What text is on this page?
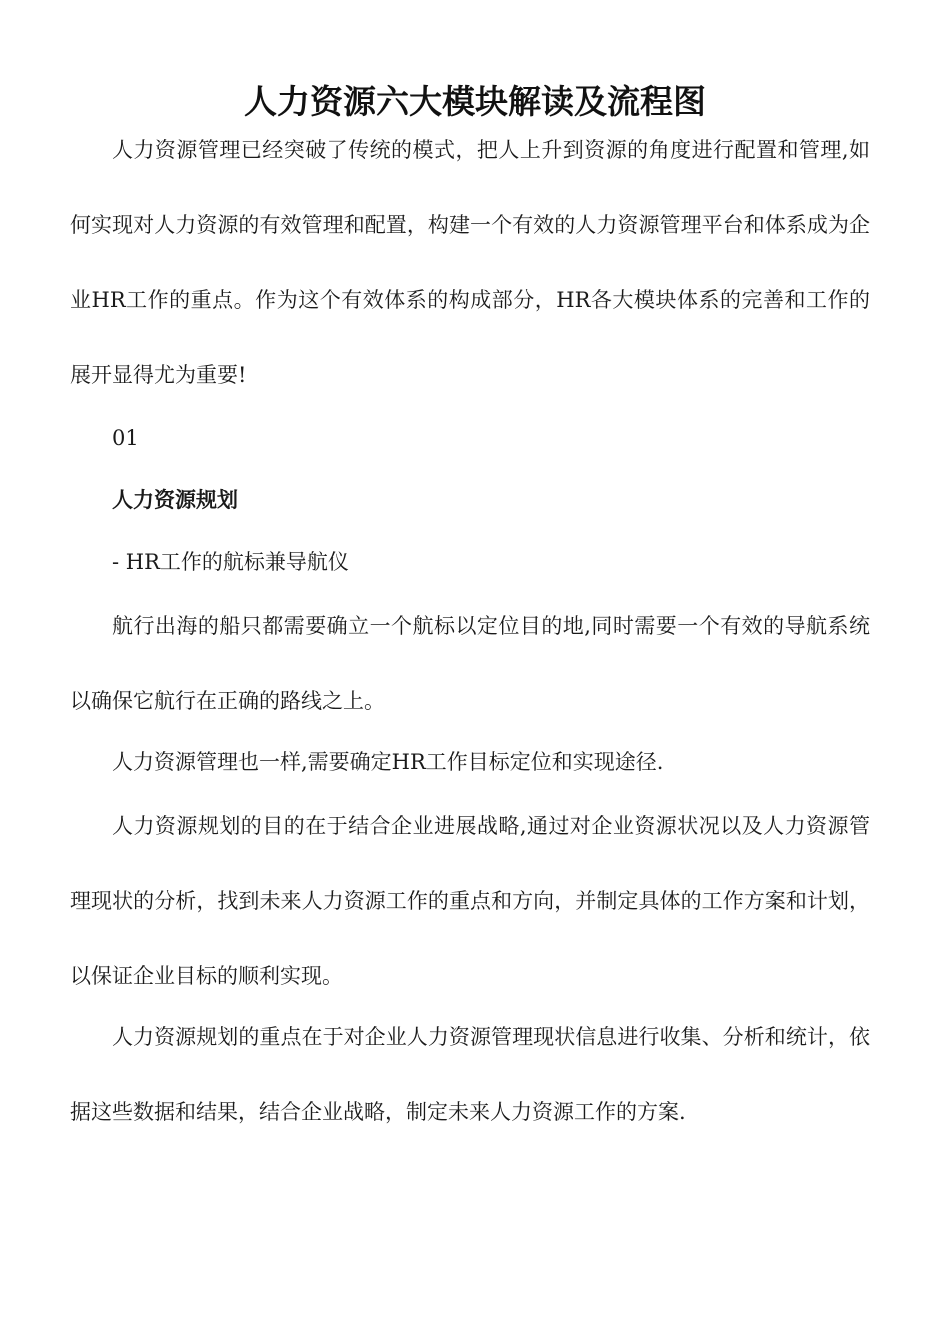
人力资源六大模块解读及流程图

人力资源管理已经突破了传统的模式，把人上升到资源的角度进行配置和管理,如何实现对人力资源的有效管理和配置，构建一个有效的人力资源管理平台和体系成为企业HR工作的重点。作为这个有效体系的构成部分，HR各大模块体系的完善和工作的展开显得尤为重要!

01

人力资源规划

- HR工作的航标兼导航仪

航行出海的船只都需要确立一个航标以定位目的地,同时需要一个有效的导航系统以确保它航行在正确的路线之上。

人力资源管理也一样,需要确定HR工作目标定位和实现途径.

人力资源规划的目的在于结合企业进展战略,通过对企业资源状况以及人力资源管理现状的分析，找到未来人力资源工作的重点和方向，并制定具体的工作方案和计划，以保证企业目标的顺利实现。

人力资源规划的重点在于对企业人力资源管理现状信息进行收集、分析和统计，依据这些数据和结果，结合企业战略，制定未来人力资源工作的方案.
